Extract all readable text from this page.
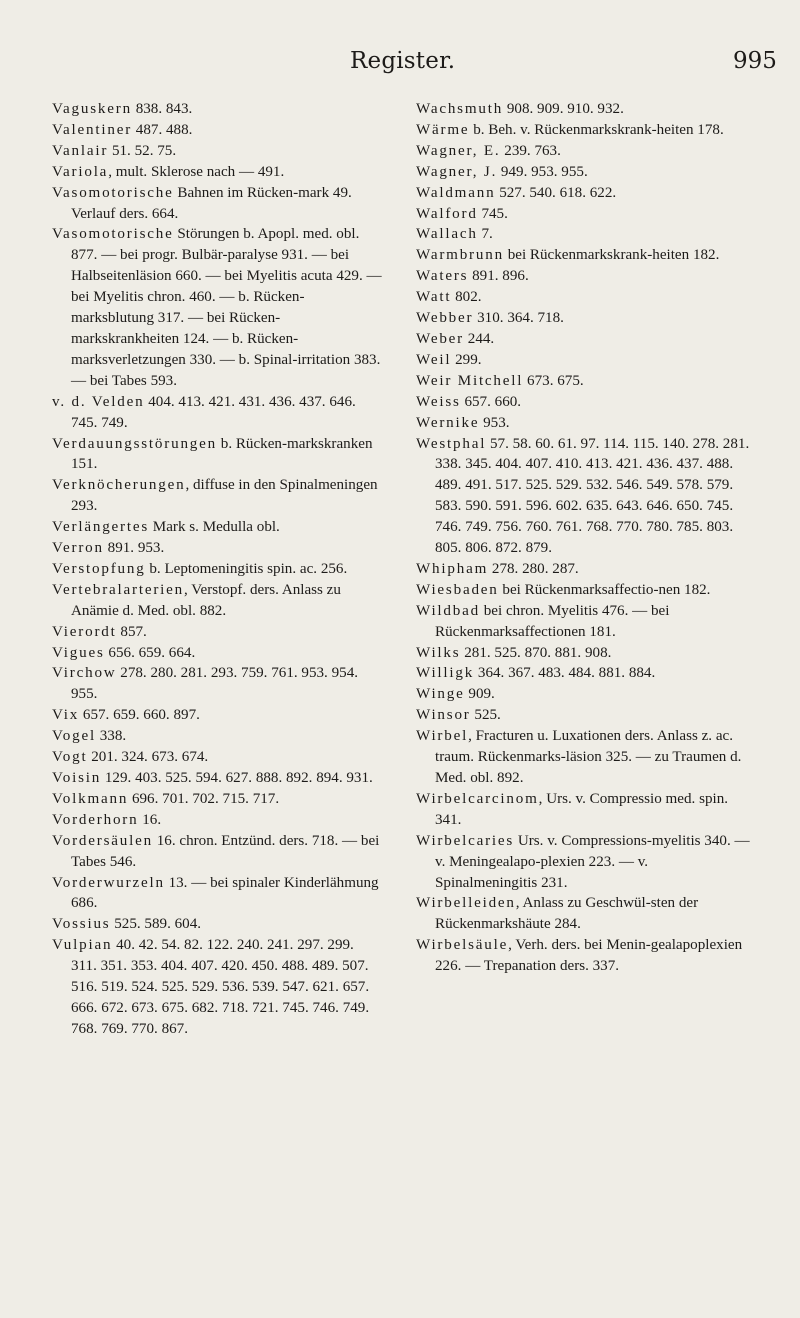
Register.	995

Vaguskern 838. 843.

Valentiner 487. 488.

Vanlair 51. 52. 75.

Variola, mult. Sklerose nach — 491.

Vasomotorische Bahnen im Rücken-mark 49. Verlauf ders. 664.

Vasomotorische Störungen b. Apopl. med. obl. 877. — bei progr. Bulbär-paralyse 931. — bei Halbseitenläsion 660. — bei Myelitis acuta 429. — bei Myelitis chron. 460. — b. Rücken-marksblutung 317. — bei Rücken-markskrankheiten 124. — b. Rücken-marksverletzungen 330. — b. Spinal-irritation 383. — bei Tabes 593.

v. d. Velden 404. 413. 421. 431. 436. 437. 646. 745. 749.

Verdauungsstörungen b. Rücken-markskranken 151.

Verknöcherungen, diffuse in den Spinalmeningen 293.

Verlängertes Mark s. Medulla obl.

Verron 891. 953.

Verstopfung b. Leptomeningitis spin. ac. 256.

Vertebralarterien, Verstopf. ders. Anlass zu Anämie d. Med. obl. 882.

Vierordt 857.

Vigues 656. 659. 664.

Virchow 278. 280. 281. 293. 759. 761. 953. 954. 955.

Vix 657. 659. 660. 897.

Vogel 338.

Vogt 201. 324. 673. 674.

Voisin 129. 403. 525. 594. 627. 888. 892. 894. 931.

Volkmann 696. 701. 702. 715. 717.

Vorderhorn 16.

Vordersäulen 16. chron. Entzünd. ders. 718. — bei Tabes 546.

Vorderwurzeln 13. — bei spinaler Kinderlähmung 686.

Vossius 525. 589. 604.

Vulpian 40. 42. 54. 82. 122. 240. 241. 297. 299. 311. 351. 353. 404. 407. 420. 450. 488. 489. 507. 516. 519. 524. 525. 529. 536. 539. 547. 621. 657. 666. 672. 673. 675. 682. 718. 721. 745. 746. 749. 768. 769. 770. 867.

Wachsmuth 908. 909. 910. 932.

Wärme b. Beh. v. Rückenmarkskrank-heiten 178.

Wagner, E. 239. 763.

Wagner, J. 949. 953. 955.

Waldmann 527. 540. 618. 622.

Walford 745.

Wallach 7.

Warmbrunn bei Rückenmarkskrank-heiten 182.

Waters 891. 896.

Watt 802.

Webber 310. 364. 718.

Weber 244.

Weil 299.

Weir Mitchell 673. 675.

Weiss 657. 660.

Wernike 953.

Westphal 57. 58. 60. 61. 97. 114. 115. 140. 278. 281. 338. 345. 404. 407. 410. 413. 421. 436. 437. 488. 489. 491. 517. 525. 529. 532. 546. 549. 578. 579. 583. 590. 591. 596. 602. 635. 643. 646. 650. 745. 746. 749. 756. 760. 761. 768. 770. 780. 785. 803. 805. 806. 872. 879.

Whipham 278. 280. 287.

Wiesbaden bei Rückenmarksaffectio-nen 182.

Wildbad bei chron. Myelitis 476. — bei Rückenmarksaffectionen 181.

Wilks 281. 525. 870. 881. 908.

Willigk 364. 367. 483. 484. 881. 884.

Winge 909.

Winsor 525.

Wirbel, Fracturen u. Luxationen ders. Anlass z. ac. traum. Rückenmarks-läsion 325. — zu Traumen d. Med. obl. 892.

Wirbelcarcinom, Urs. v. Compressio med. spin. 341.

Wirbelcaries Urs. v. Compressions-myelitis 340. — v. Meningealapo-plexien 223. — v. Spinalmeningitis 231.

Wirbelleiden, Anlass zu Geschwül-sten der Rückenmarkshäute 284.

Wirbelsäule, Verh. ders. bei Menin-gealapoplexien 226. — Trepanation ders. 337.
